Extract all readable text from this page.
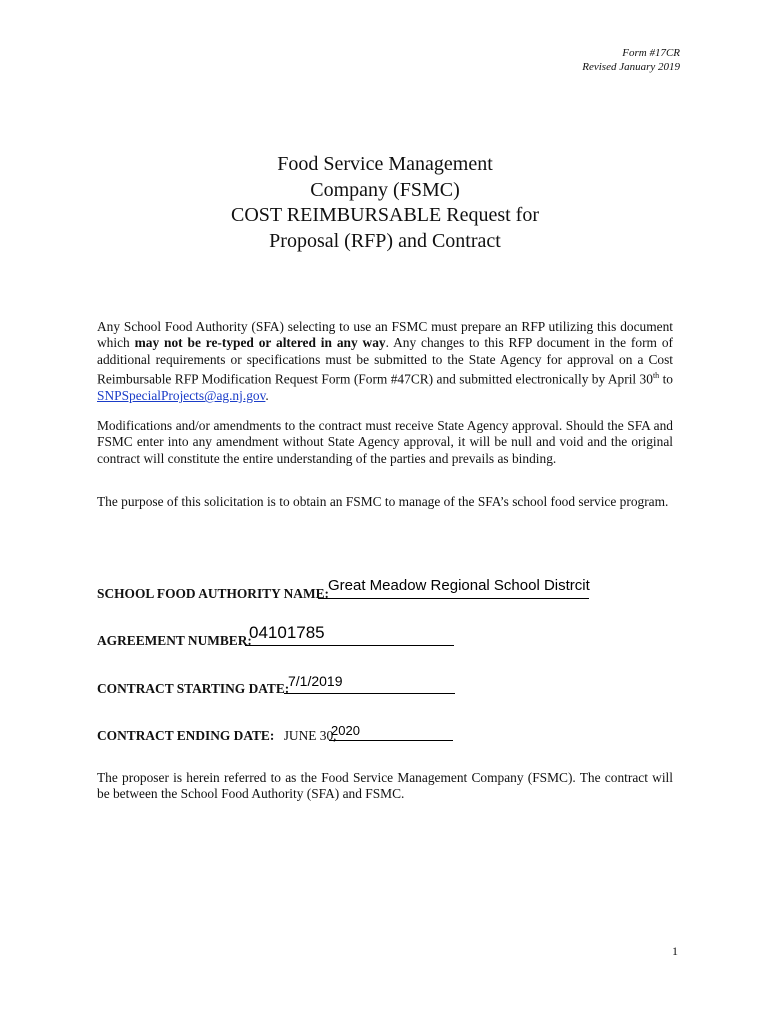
Form #17CR
Revised January 2019
Food Service Management
Company (FSMC)
COST REIMBURSABLE Request for
Proposal (RFP) and Contract

Any School Food Authority (SFA) selecting to use an FSMC must prepare an RFP utilizing this document which may not be re-typed or altered in any way. Any changes to this RFP document in the form of additional requirements or specifications must be submitted to the State Agency for approval on a Cost Reimbursable RFP Modification Request Form (Form #47CR) and submitted electronically by April 30th to SNPSpecialProjects@ag.nj.gov.

Modifications and/or amendments to the contract must receive State Agency approval. Should the SFA and FSMC enter into any amendment without State Agency approval, it will be null and void and the original contract will constitute the entire understanding of the parties and prevails as binding.

The purpose of this solicitation is to obtain an FSMC to manage of the SFA’s school food service program.

SCHOOL FOOD AUTHORITY NAME:
Great Meadow Regional School Distrcit
AGREEMENT NUMBER:
04101785
CONTRACT STARTING DATE:
7/1/2019
CONTRACT ENDING DATE: JUNE 30,
2020

The proposer is herein referred to as the Food Service Management Company (FSMC). The contract will be between the School Food Authority (SFA) and FSMC.

1
